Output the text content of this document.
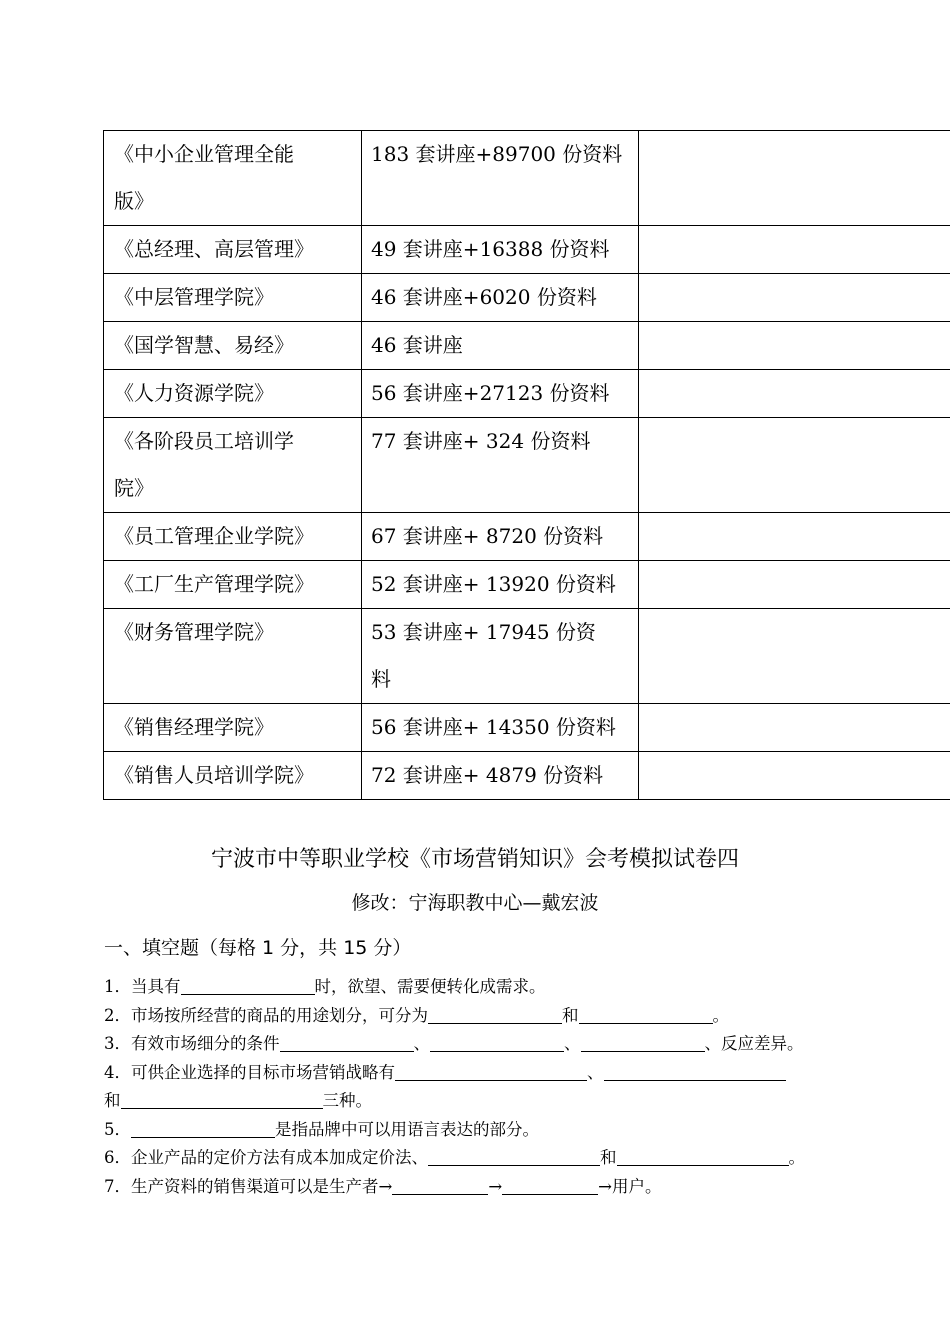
《中小企业管理全能
版》	183 套讲座+89700 份资料	
《总经理、高层管理》	49 套讲座+16388 份资料	
《中层管理学院》	46 套讲座+6020 份资料	
《国学智慧、易经》	46 套讲座	
《人力资源学院》	56 套讲座+27123 份资料	

《各阶段员工培训学
院》	77 套讲座+ 324 份资料	
《员工管理企业学院》	67 套讲座+ 8720 份资料	
《工厂生产管理学院》	52 套讲座+ 13920 份资料	
《财务管理学院》	53 套讲座+ 17945 份资
料	

《销售经理学院》	56 套讲座+ 14350 份资料	
《销售人员培训学院》	72 套讲座+ 4879 份资料	
宁波市中等职业学校《市场营销知识》会考模拟试卷四
修改：宁海职教中心—戴宏波
一、填空题（每格 1 分，共 15 分）
1．当具有	时，欲望、需要便转化成需求。
2．市场按所经营的商品的用途划分，可分为	和	。
3．有效市场细分的条件	、	、	、反应差异。
4．可供企业选择的目标市场营销战略有	、
和	三种。
5．	是指品牌中可以用语言表达的部分。
6．企业产品的定价方法有成本加成定价法、	和	。
7．生产资料的销售渠道可以是生产者→	→	→用户。
